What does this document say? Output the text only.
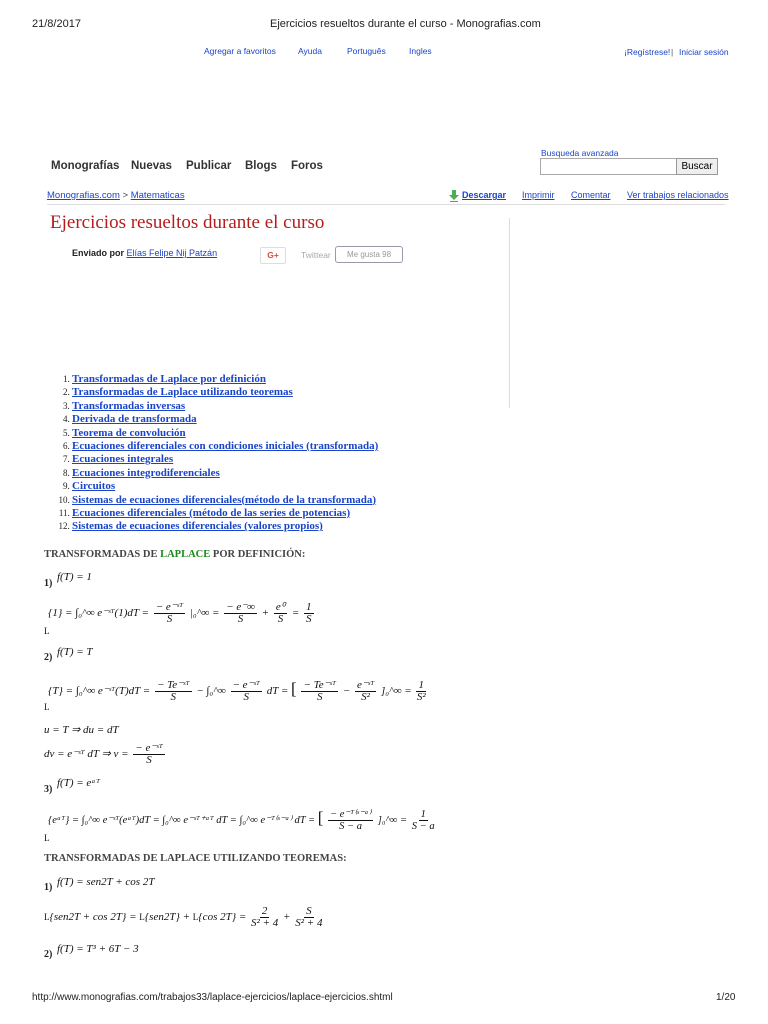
21/8/2017	Ejercicios resueltos durante el curso - Monografias.com
Agregar a favoritos	Ayuda	Português	Ingles	¡Regístrese! | Iniciar sesión
Monografías Nuevas Publicar Blogs Foros
Busqueda avanzada
Buscar
Monografias.com > Matematicas	Descargar Imprimir Comentar Ver trabajos relacionados
Ejercicios resueltos durante el curso
Enviado por Elías Felipe Nij Patzán	G+	Twittear	Me gusta 98
1. Transformadas de Laplace por definición
2. Transformadas de Laplace utilizando teoremas
3. Transformadas inversas
4. Derivada de transformada
5. Teorema de convolución
6. Ecuaciones diferenciales con condiciones iniciales (transformada)
7. Ecuaciones integrales
8. Ecuaciones integrodiferenciales
9. Circuitos
10. Sistemas de ecuaciones diferenciales(método de la transformada)
11. Ecuaciones diferenciales (método de las series de potencias)
12. Sistemas de ecuaciones diferenciales (valores propios)
TRANSFORMADAS DE LAPLACE POR DEFINICIÓN:
1)
f(T) = 1
L
{1} = ∫₀^∞ e⁻ˢᵀ(1)dT = $\frac{\text{− e⁻ˢᵀ}}{S}$ |₀^∞ = $\frac{- e^-\infty}{S} + \frac{\text{e⁰}}{S} = \frac{1}{S}$
2) f(T) = T
L
{T} = ∫₀^∞ e⁻ˢᵀ(T)dT = $\frac{\text{− Te⁻ˢᵀ}}{S}$ − ∫₀^∞ $\frac{\text{− e⁻ˢᵀ}}{S}$ dT = [ $\frac{\text{− Te⁻ˢᵀ}}{S} - \frac{\text{e⁻ˢᵀ}}{\text{S²}}$ ]₀^∞ = $\frac{1}{\text{S²}}$
u = T ⇒ du = dT
dv = e⁻ˢᵀ dT ⇒ $v = \frac{\text{− e⁻ˢᵀ}}{S}$
3)
f(T) = eᵃᵀ
L
{eᵃᵀ} = ∫₀^∞ e⁻ˢᵀ(eᵃᵀ)dT = ∫₀^∞ e⁻ˢᵀ⁺ᵃᵀ dT = ∫₀^∞ e⁻ᵀ⁽ˢ⁻ᵃ⁾ dT = [ $\frac{\text{− e⁻ᵀ⁽ˢ⁻ᵃ⁾}}{S - a}$ ]₀^∞ = $\frac{1}{S - a}$
TRANSFORMADAS DE LAPLACE UTILIZANDO TEOREMAS:
1) f(T) = sen2T + cos 2T
L{sen2T + cos 2T} = L{sen2T} + L{cos $2T\} = \frac{2}{\text{S² + 4}} + \frac{S}{\text{S² + 4}}$
2) f(T) = T³ + 6T − 3
http://www.monografias.com/trabajos33/laplace-ejercicios/laplace-ejercicios.shtml	1/20
